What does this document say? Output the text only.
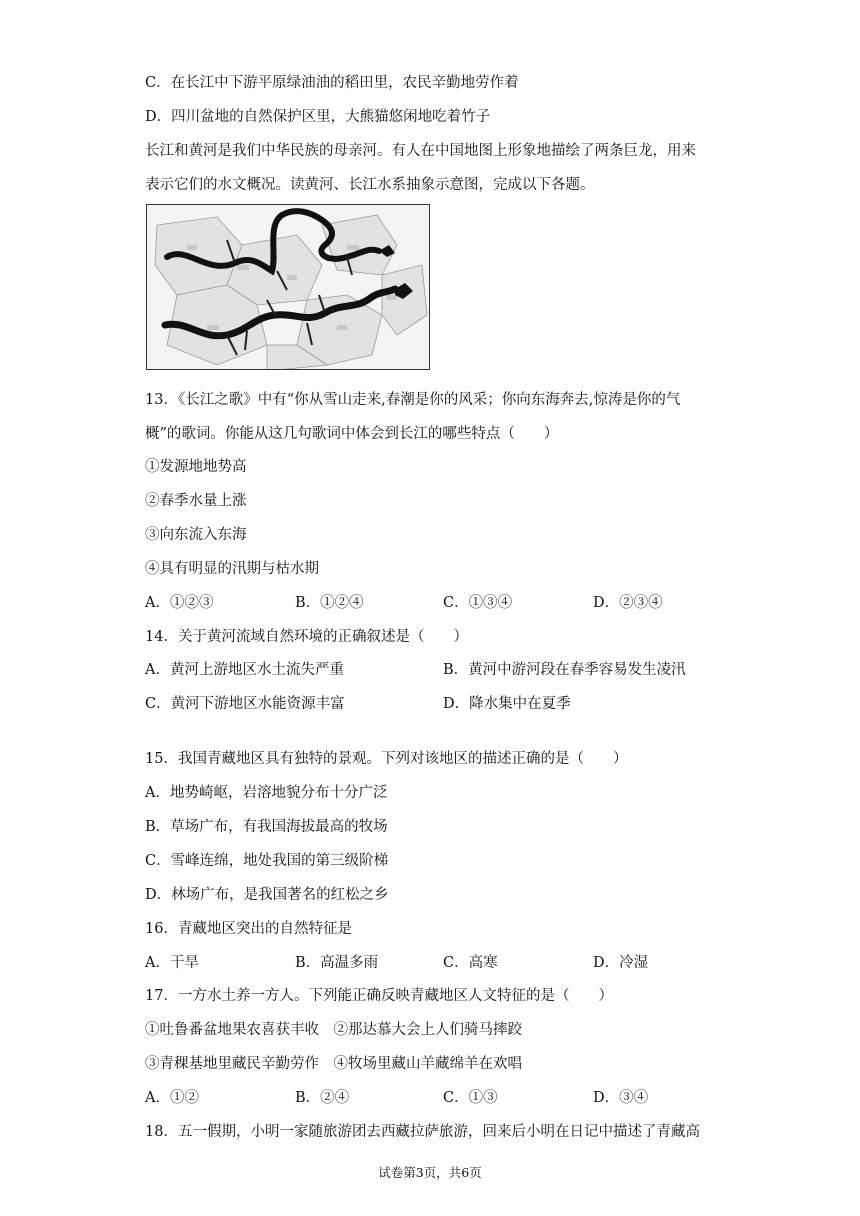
C．在长江中下游平原绿油油的稻田里，农民辛勤地劳作着
D．四川盆地的自然保护区里，大熊猫悠闲地吃着竹子
长江和黄河是我们中华民族的母亲河。有人在中国地图上形象地描绘了两条巨龙，用来
表示它们的水文概况。读黄河、长江水系抽象示意图，完成以下各题。
13．《长江之歌》中有“你从雪山走来,春潮是你的风采；你向东海奔去,惊涛是你的气
概”的歌词。你能从这几句歌词中体会到长江的哪些特点（　　）
①发源地地势高
②春季水量上涨
③向东流入东海
④具有明显的汛期与枯水期
A．①②③	B．①②④	C．①③④	D．②③④
14．关于黄河流域自然环境的正确叙述是（　　）
A．黄河上游地区水土流失严重	B．黄河中游河段在春季容易发生凌汛
C．黄河下游地区水能资源丰富	D．降水集中在夏季
15．我国青藏地区具有独特的景观。下列对该地区的描述正确的是（　　）
A．地势崎岖，岩溶地貌分布十分广泛
B．草场广布，有我国海拔最高的牧场
C．雪峰连绵，地处我国的第三级阶梯
D．林场广布，是我国著名的红松之乡
16．青藏地区突出的自然特征是
A．干旱	B．高温多雨	C．高寒	D．冷湿
17．一方水土养一方人。下列能正确反映青藏地区人文特征的是（　　）
①吐鲁番盆地果农喜获丰收　②那达慕大会上人们骑马摔跤
③青稞基地里藏民辛勤劳作　④牧场里藏山羊藏绵羊在欢唱
A．①②	B．②④	C．①③	D．③④
18．五一假期，小明一家随旅游团去西藏拉萨旅游，回来后小明在日记中描述了青藏高
试卷第3页，共6页
